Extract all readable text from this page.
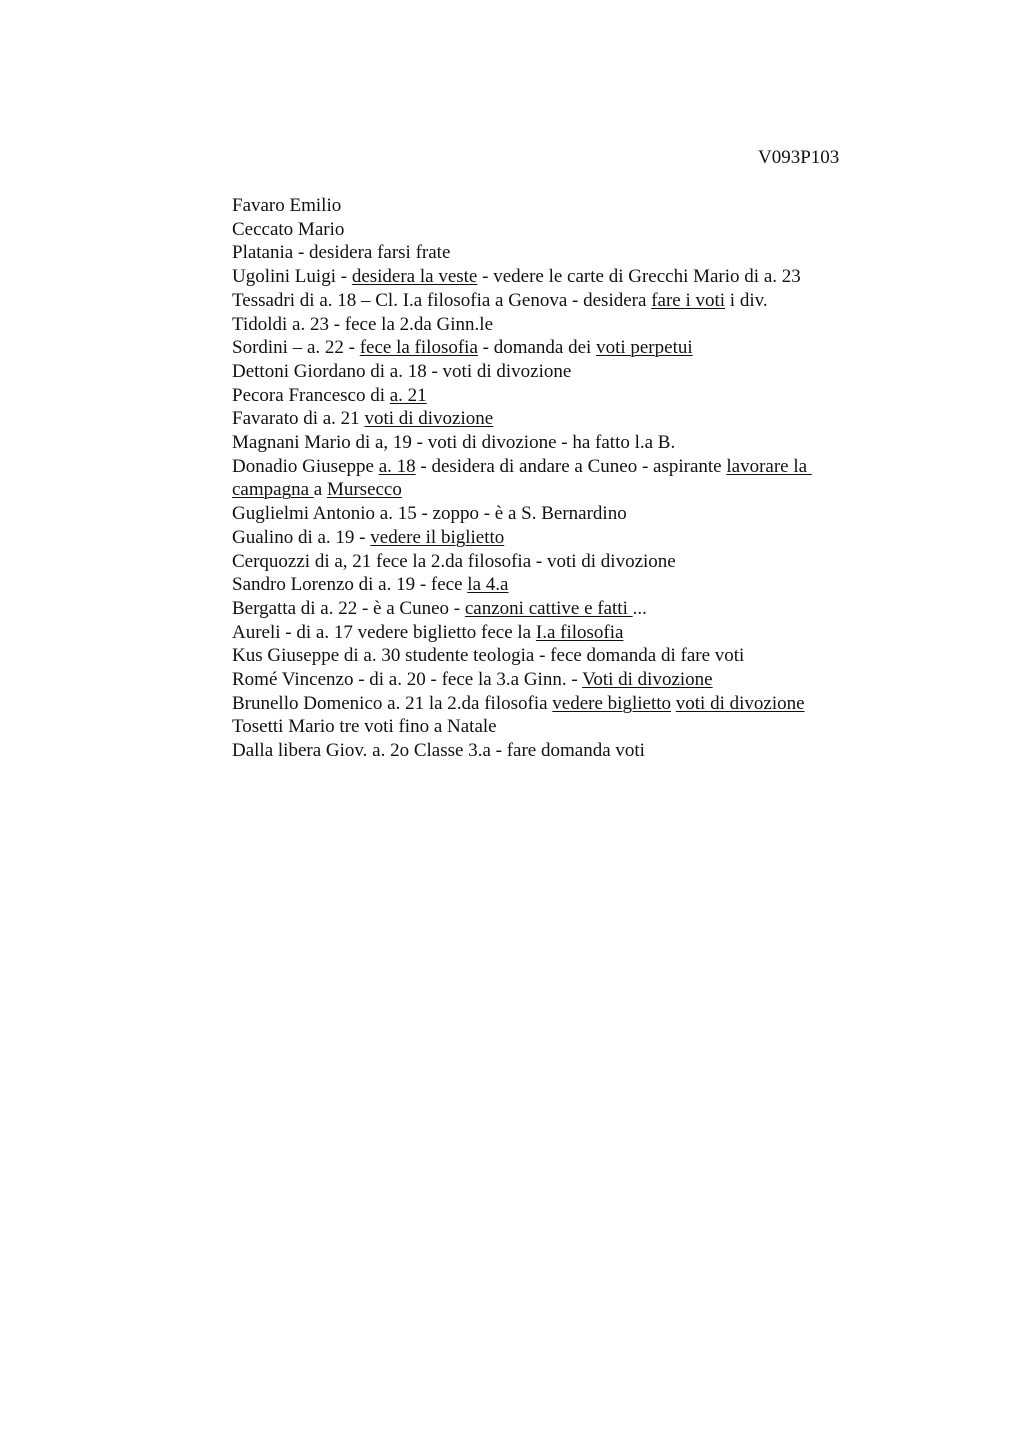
V093P103

Favaro Emilio

Ceccato Mario

Platania - desidera farsi frate

Ugolini Luigi - desidera la veste - vedere le carte di Grecchi Mario di a. 23

Tessadri di a. 18 – Cl. I.a filosofia a Genova - desidera fare i voti i div.

Tidoldi a. 23 - fece la 2.da Ginn.le

Sordini – a. 22 - fece la filosofia - domanda dei voti perpetui

Dettoni Giordano di a. 18 - voti di divozione

Pecora Francesco di a. 21

Favarato di a. 21 voti di divozione

Magnani Mario di a, 19 - voti di divozione - ha fatto l.a B.

Donadio Giuseppe a. 18 - desidera di andare a Cuneo - aspirante lavorare la campagna a Mursecco

Guglielmi Antonio a. 15 - zoppo - è a S. Bernardino

Gualino di a. 19 - vedere il biglietto

Cerquozzi di a, 21 fece la 2.da filosofia - voti di divozione

Sandro Lorenzo di a. 19 - fece la 4.a

Bergatta di a. 22 - è a Cuneo - canzoni cattive e fatti ...

Aureli - di a. 17 vedere biglietto fece la I.a filosofia

Kus Giuseppe di a. 30 studente teologia - fece domanda di fare voti

Romé Vincenzo - di a. 20 - fece la 3.a Ginn. - Voti di divozione

Brunello Domenico a. 21 la 2.da filosofia vedere biglietto voti di divozione

Tosetti Mario tre voti fino a Natale

Dalla libera Giov. a. 2o Classe 3.a - fare domanda voti
